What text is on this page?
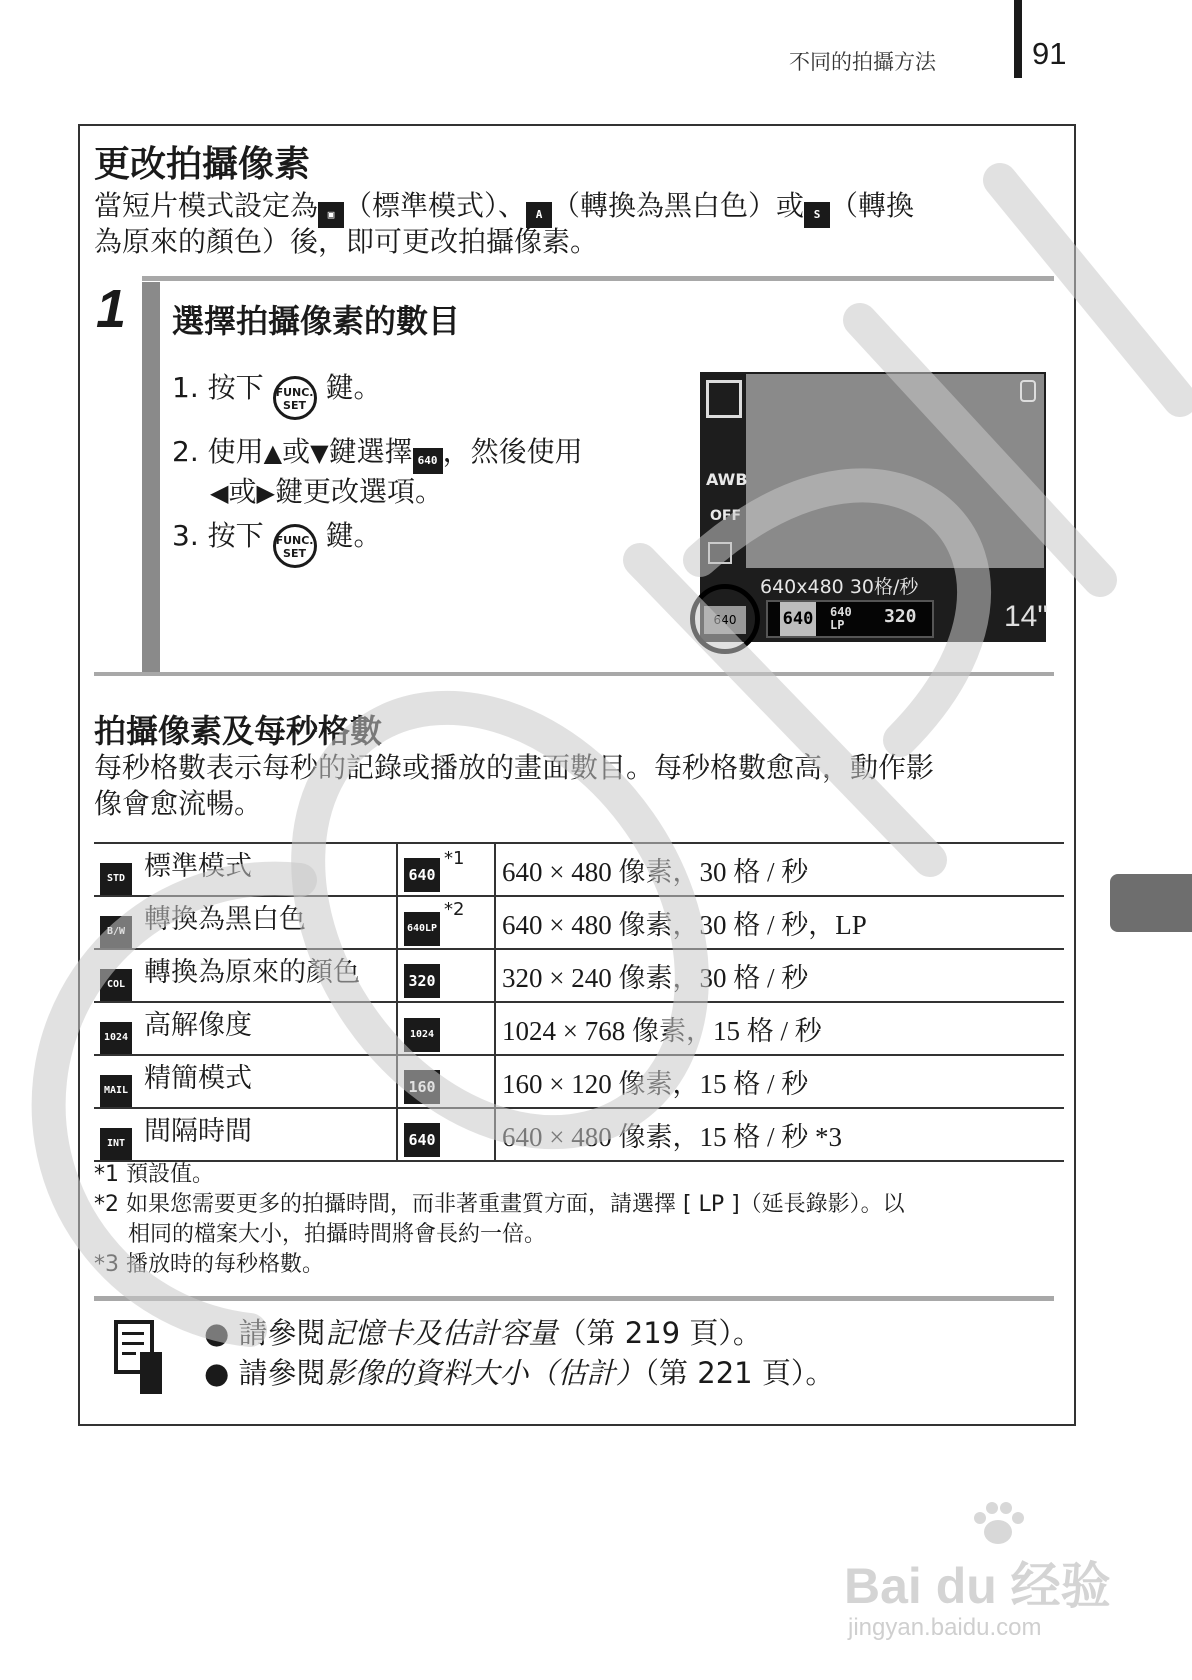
不同的拍攝方法	91
更改拍攝像素
當短片模式設定為 ▣ （標準模式）、 A （轉換為黑白色）或 S （轉換
為原來的顏色）後，即可更改拍攝像素。
1 選擇拍攝像素的數目
1. 按下 FUNC.
SET 鍵。
2. 使用▲或▼鍵選擇 640 ，然後使用
◀或▶鍵更改選項。
3. 按下 FUNC.
SET 鍵。
AWB
OFF
640x480 30格/秒
640 640 LP	320	14"
640
拍攝像素及每秒格數
每秒格數表示每秒的記錄或播放的畫面數目。每秒格數愈高，動作影
像會愈流暢。
STD 標準模式	640$^{*1}$	640 × 480 像素，30 格 / 秒
B/W 轉換為黑白色	640LP$^{*2}$	640 × 480 像素，30 格 / 秒，LP
COL 轉換為原來的顏色	320	320 × 240 像素，30 格 / 秒
1024 高解像度	1024	1024 × 768 像素，15 格 / 秒
MAIL 精簡模式	160	160 × 120 像素，15 格 / 秒
INT 間隔時間	640	640 × 480 像素，15 格 / 秒 *3
*1 預設值。
*2 如果您需要更多的拍攝時間，而非著重畫質方面，請選擇 [ LP ]（延長錄影）。以
相同的檔案大小，拍攝時間將會長約一倍。
*3 播放時的每秒格數。
● 請參閱記憶卡及估計容量（第 219 頁）。
● 請參閱影像的資料大小（估計）（第 221 頁）。
Bai du 经验
jingyan.baidu.com
